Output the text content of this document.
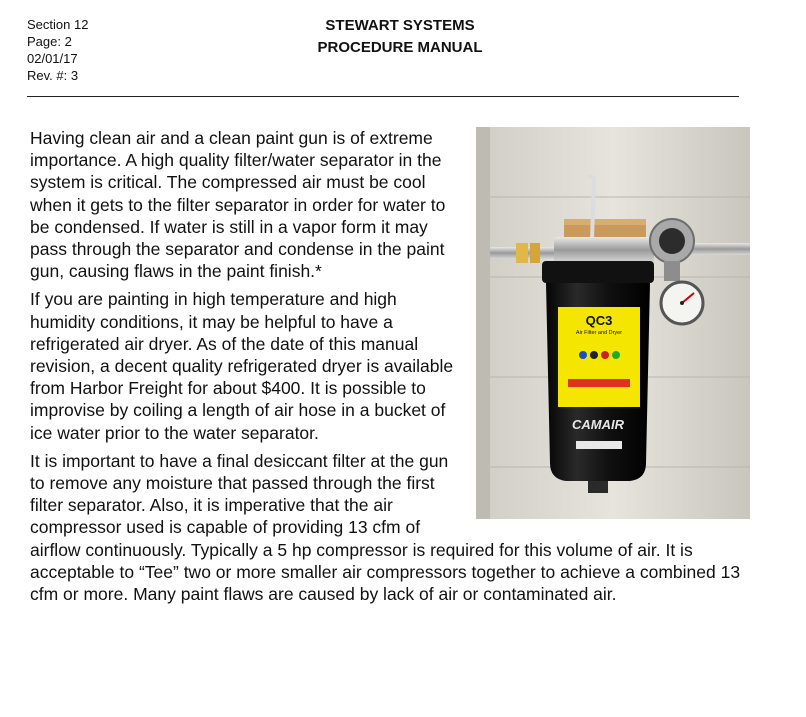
Section 12
Page: 2
02/01/17
Rev. #: 3
STEWART SYSTEMS
PROCEDURE MANUAL
QC3
Air Filter and Dryer
CAMAIR

Having clean air and a clean paint gun is of extreme importance. A high quality filter/water separator in the system is critical. The compressed air must be cool when it gets to the filter separator in order for water to be condensed. If water is still in a vapor form it may pass through the separator and condense in the paint gun, causing flaws in the paint finish.*

If you are painting in high temperature and high humidity conditions, it may be helpful to have a refrigerated air dryer. As of the date of this manual revision, a decent quality refrigerated dryer is available from Harbor Freight for about $400. It is possible to improvise by coiling a length of air hose in a bucket of ice water prior to the water separator.

It is important to have a final desiccant filter at the gun to remove any moisture that passed through the first filter separator. Also, it is imperative that the air compressor used is capable of providing 13 cfm of airflow continuously. Typically a 5 hp compressor is required for this volume of air. It is acceptable to “Tee” two or more smaller air compressors together to achieve a combined 13 cfm or more. Many paint flaws are caused by lack of air or contaminated air.
